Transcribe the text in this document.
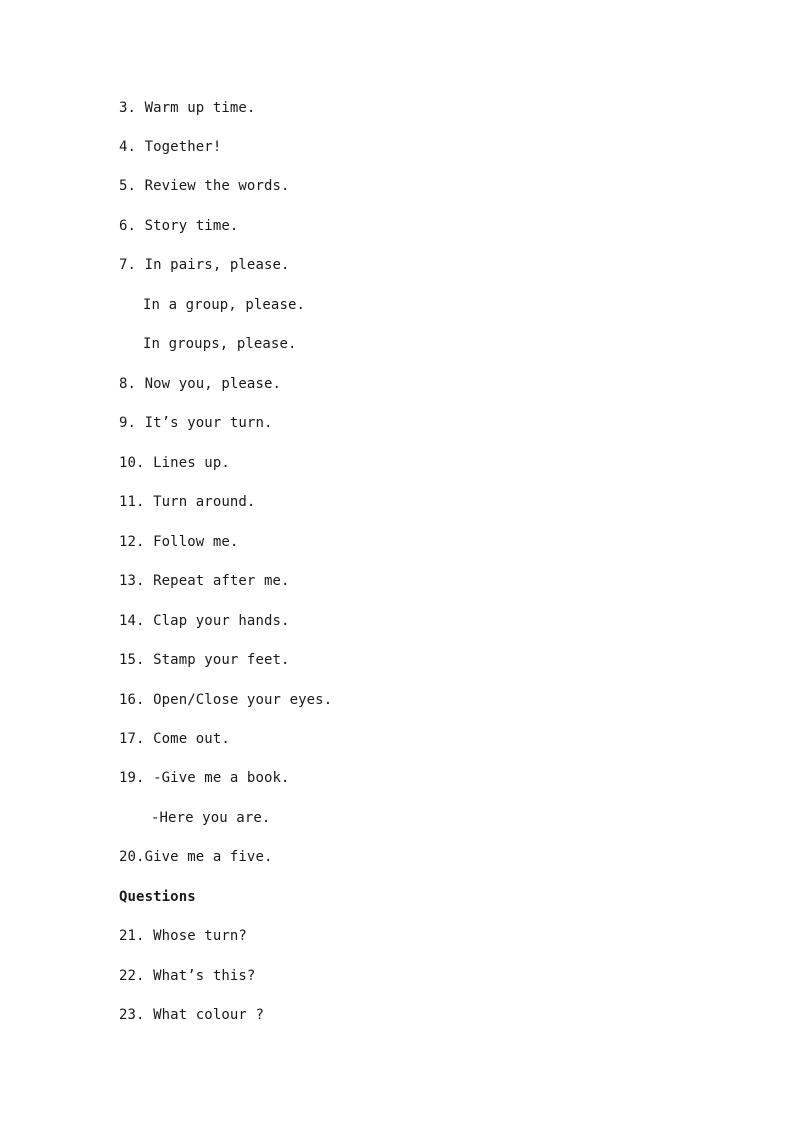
3. Warm up time.
4. Together!
5. Review the words.
6. Story time.
7. In pairs, please.
In a group, please.
In groups, please.
8. Now you, please.
9. It’s your turn.
10. Lines up.
11. Turn around.
12. Follow me.
13. Repeat after me.
14. Clap your hands.
15. Stamp your feet.
16. Open/Close your eyes.
17. Come out.
19. -Give me a book.
-Here you are.
20.Give me a five.
Questions
21. Whose turn?
22. What’s this?
23. What colour ?
